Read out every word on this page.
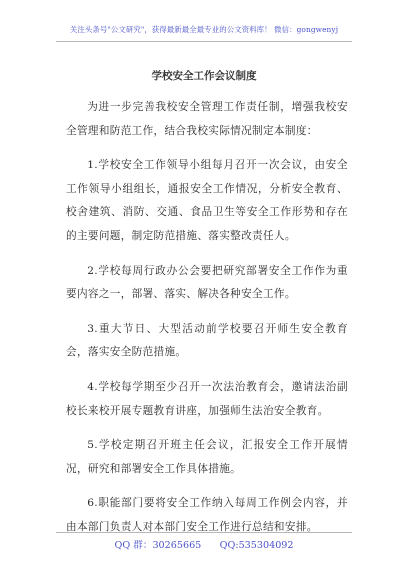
关注头条号"公文研究"，获得最新最全最专业的公文资料库！ 微信：gongwenyj
学校安全工作会议制度

为进一步完善我校安全管理工作责任制，增强我校安全管理和防范工作，结合我校实际情况制定本制度：

1.学校安全工作领导小组每月召开一次会议，由安全工作领导小组组长，通报安全工作情况，分析安全教育、校舍建筑、消防、交通、食品卫生等安全工作形势和存在的主要问题，制定防范措施、落实整改责任人。

2.学校每周行政办公会要把研究部署安全工作作为重要内容之一，部署、落实、解决各种安全工作。

3.重大节日、大型活动前学校要召开师生安全教育会，落实安全防范措施。

4.学校每学期至少召开一次法治教育会，邀请法治副校长来校开展专题教育讲座，加强师生法治安全教育。

5.学校定期召开班主任会议，汇报安全工作开展情况，研究和部署安全工作具体措施。

6.职能部门要将安全工作纳入每周工作例会内容，并由本部门负责人对本部门安全工作进行总结和安排。

QQ 群：30265665 QQ:535304092
